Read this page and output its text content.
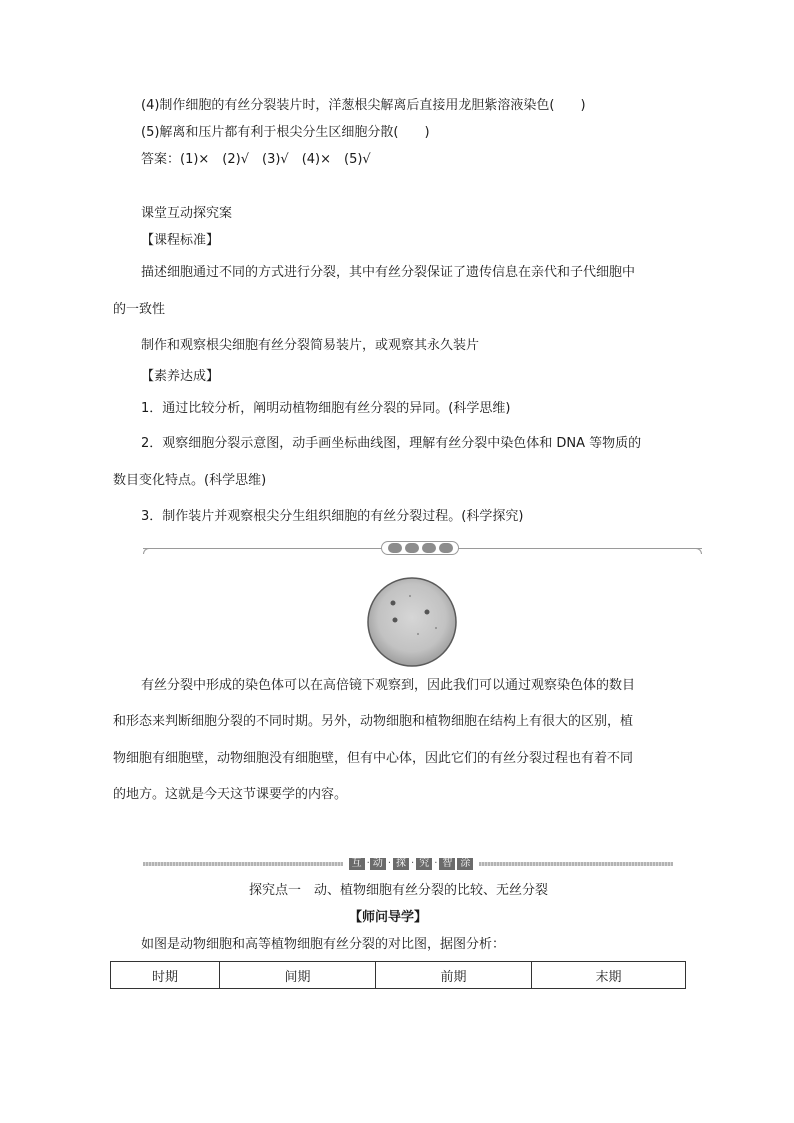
(4)制作细胞的有丝分裂装片时，洋葱根尖解离后直接用龙胆紫溶液染色(　　)
(5)解离和压片都有利于根尖分生区细胞分散(　　)
答案：(1)×　(2)√　(3)√　(4)×　(5)√
课堂互动探究案
【课程标准】
描述细胞通过不同的方式进行分裂，其中有丝分裂保证了遗传信息在亲代和子代细胞中
的一致性
制作和观察根尖细胞有丝分裂简易装片，或观察其永久装片
【素养达成】
1．通过比较分析，阐明动植物细胞有丝分裂的异同。(科学思维)
2．观察细胞分裂示意图，动手画坐标曲线图，理解有丝分裂中染色体和 DNA 等物质的
数目变化特点。(科学思维)
3．制作装片并观察根尖分生组织细胞的有丝分裂过程。(科学探究)
有丝分裂中形成的染色体可以在高倍镜下观察到，因此我们可以通过观察染色体的数目
和形态来判断细胞分裂的不同时期。另外，动物细胞和植物细胞在结构上有很大的区别，植
物细胞有细胞壁，动物细胞没有细胞壁，但有中心体，因此它们的有丝分裂过程也有着不同
的地方。这就是今天这节课要学的内容。
互 · 动 · 探 · 究 · 智 涂
探究点一　动、植物细胞有丝分裂的比较、无丝分裂
【师问导学】
如图是动物细胞和高等植物细胞有丝分裂的对比图，据图分析：
时期	间期	前期	末期
